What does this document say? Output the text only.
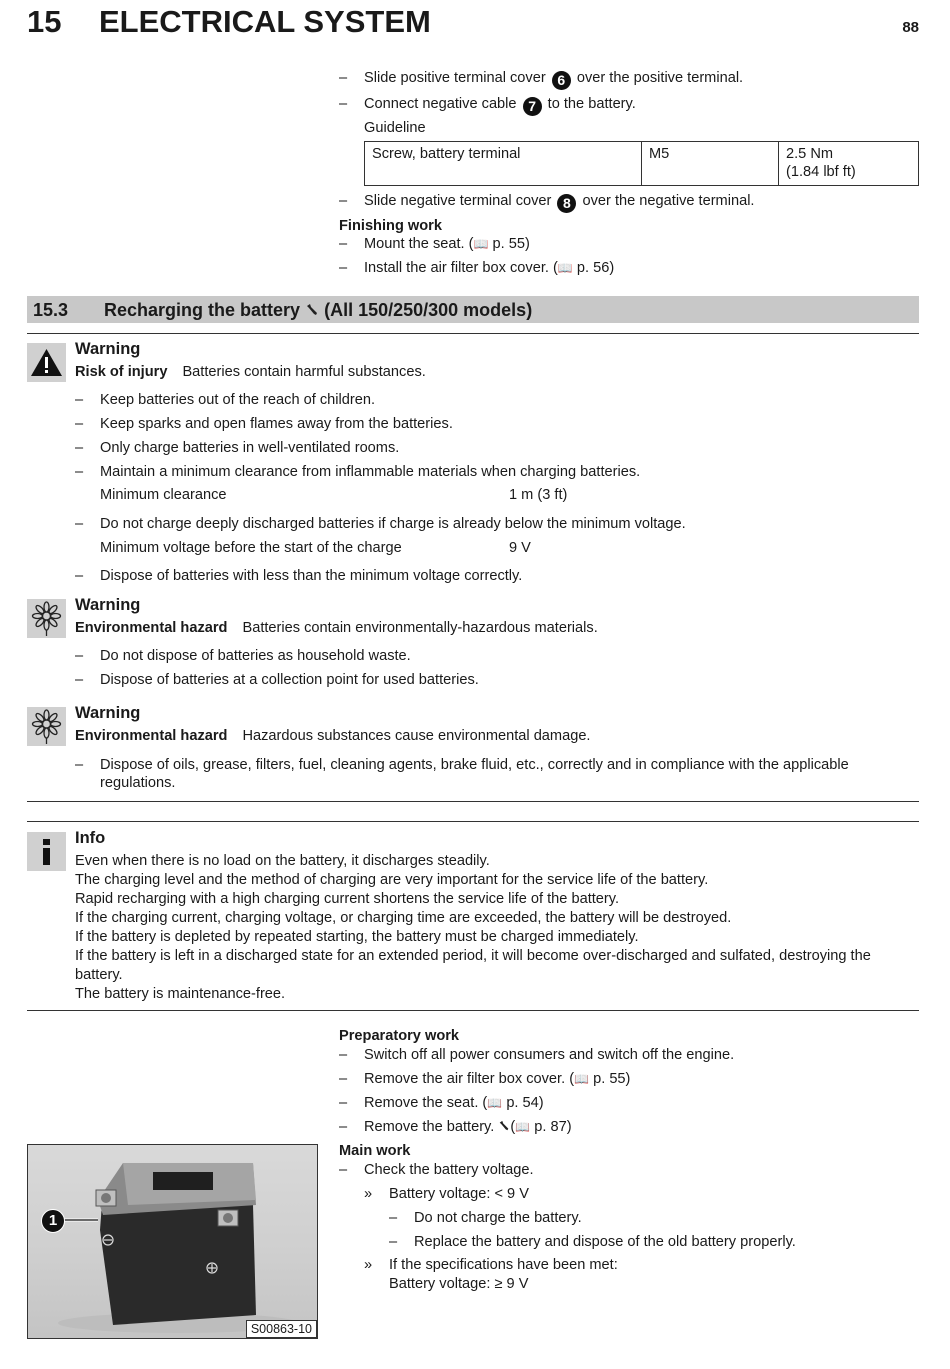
15 ELECTRICAL SYSTEM	88
– Slide positive terminal cover 6 over the positive terminal.
– Connect negative cable 7 to the battery.
Guideline
Screw, battery terminal	M5	2.5 Nm
(1.84 lbf ft)
– Slide negative terminal cover 8 over the negative terminal.
Finishing work
– Mount the seat. (📖 p. 55)
– Install the air filter box cover. (📖 p. 56)
15.3 Recharging the battery (All 150/250/300 models)
Warning
Risk of injury Batteries contain harmful substances.
– Keep batteries out of the reach of children.
– Keep sparks and open flames away from the batteries.
– Only charge batteries in well-ventilated rooms.
– Maintain a minimum clearance from inflammable materials when charging batteries.
Minimum clearance	1 m (3 ft)
– Do not charge deeply discharged batteries if charge is already below the minimum voltage.
Minimum voltage before the start of the charge	9 V
– Dispose of batteries with less than the minimum voltage correctly.
Warning
Environmental hazard Batteries contain environmentally-hazardous materials.
– Do not dispose of batteries as household waste.
– Dispose of batteries at a collection point for used batteries.
Warning
Environmental hazard Hazardous substances cause environmental damage.
– Dispose of oils, grease, filters, fuel, cleaning agents, brake fluid, etc., correctly and in compliance with the applicable
regulations.
Info
Even when there is no load on the battery, it discharges steadily.
The charging level and the method of charging are very important for the service life of the battery.
Rapid recharging with a high charging current shortens the service life of the battery.
If the charging current, charging voltage, or charging time are exceeded, the battery will be destroyed.
If the battery is depleted by repeated starting, the battery must be charged immediately.
If the battery is left in a discharged state for an extended period, it will become over-discharged and sulfated, destroying the
battery.
The battery is maintenance-free.
Preparatory work
– Switch off all power consumers and switch off the engine.
– Remove the air filter box cover. (📖 p. 55)
– Remove the seat. (📖 p. 54)
– Remove the battery. (📖 p. 87)
Main work
– Check the battery voltage.
» Battery voltage: < 9 V
– Do not charge the battery.
– Replace the battery and dispose of the old battery properly.
» If the specifications have been met:
Battery voltage: ≥ 9 V
1
S00863-10
